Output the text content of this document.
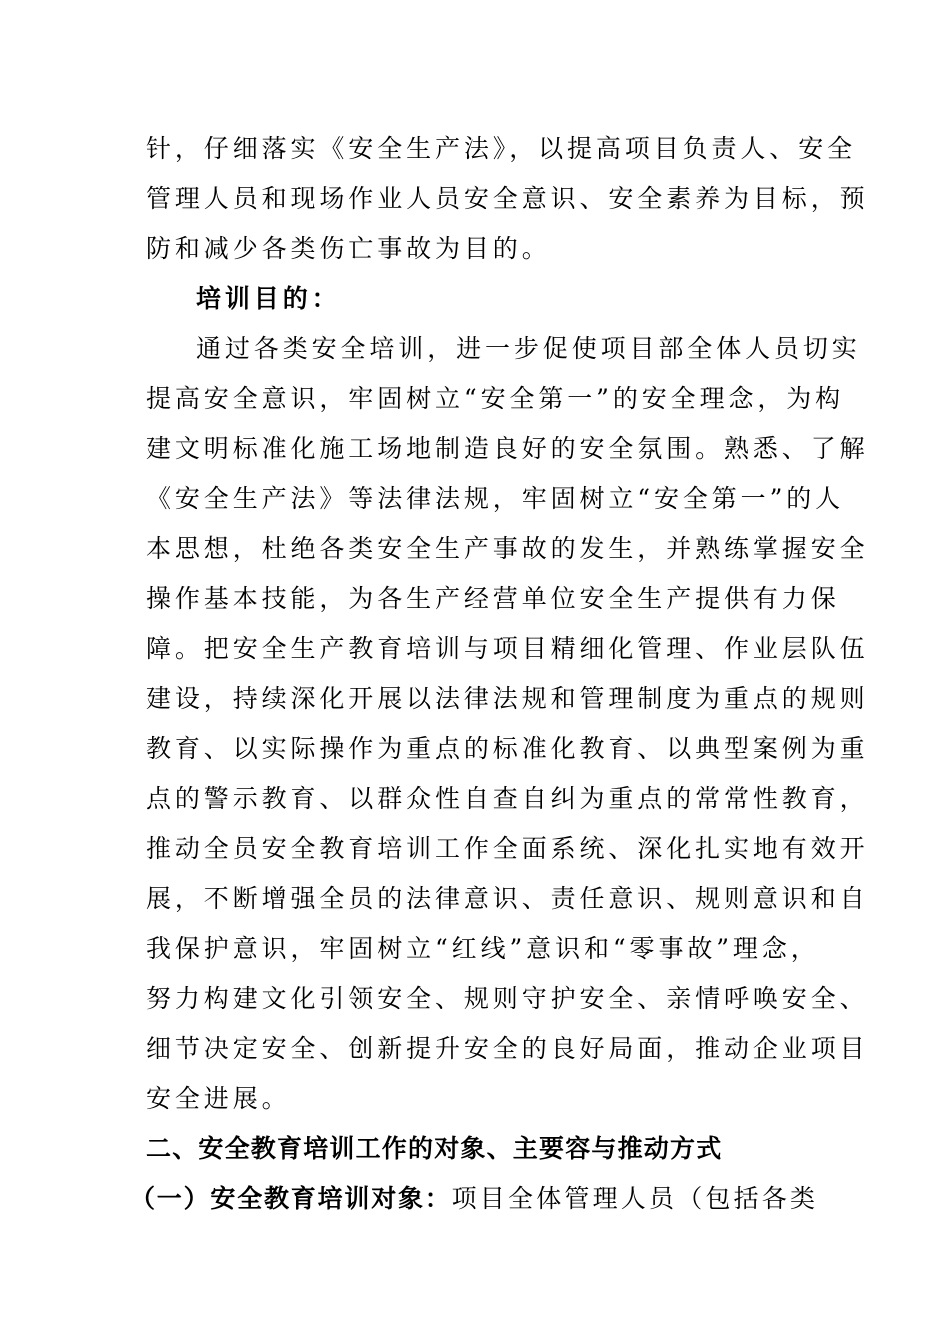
针，仔细落实《安全生产法》，以提高项目负责人、安全
管理人员和现场作业人员安全意识、安全素养为目标，预
防和减少各类伤亡事故为目的。
培训目的：
通过各类安全培训，进一步促使项目部全体人员切实
提高安全意识，牢固树立“安全第一”的安全理念，为构
建文明标准化施工场地制造良好的安全氛围。熟悉、了解
《安全生产法》等法律法规，牢固树立“安全第一”的人
本思想，杜绝各类安全生产事故的发生，并熟练掌握安全
操作基本技能，为各生产经营单位安全生产提供有力保
障。把安全生产教育培训与项目精细化管理、作业层队伍
建设，持续深化开展以法律法规和管理制度为重点的规则
教育、以实际操作为重点的标准化教育、以典型案例为重
点的警示教育、以群众性自查自纠为重点的常常性教育，
推动全员安全教育培训工作全面系统、深化扎实地有效开
展，不断增强全员的法律意识、责任意识、规则意识和自
我保护意识，牢固树立“红线”意识和“零事故”理念，
努力构建文化引领安全、规则守护安全、亲情呼唤安全、
细节决定安全、创新提升安全的良好局面，推动企业项目
安全进展。
二、安全教育培训工作的对象、主要容与推动方式
（一）安全教育培训对象：项目全体管理人员（包括各类
